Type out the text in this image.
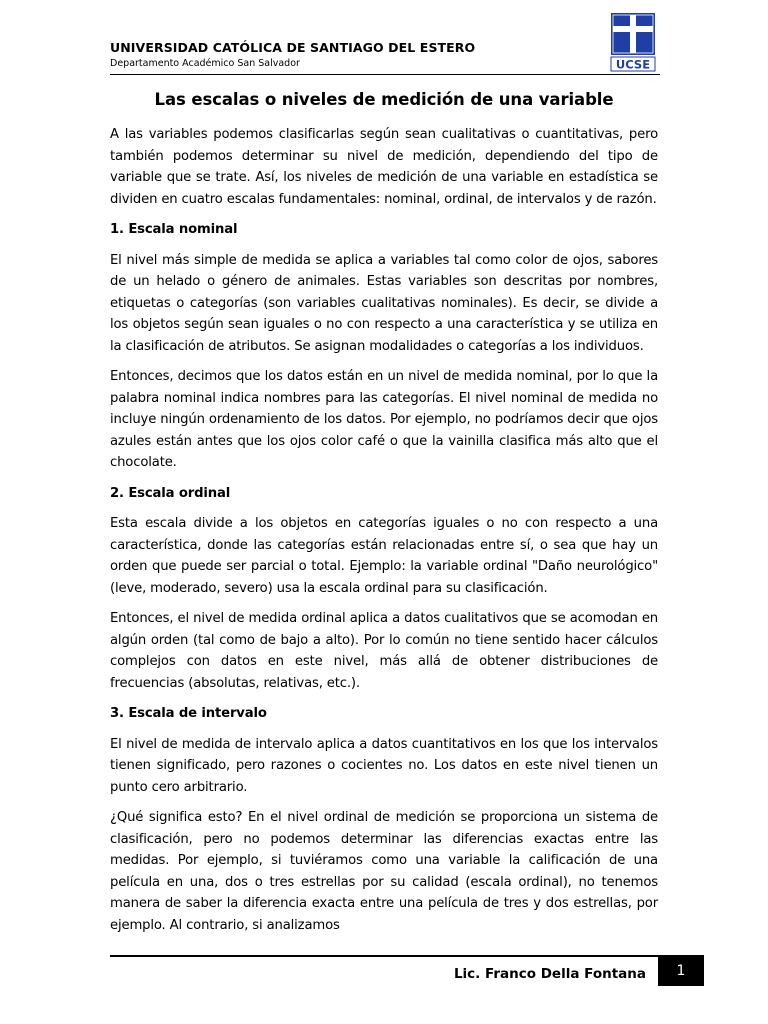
UNIVERSIDAD CATÓLICA DE SANTIAGO DEL ESTERO
Departamento Académico San Salvador	UCSE
Las escalas o niveles de medición de una variable

A las variables podemos clasificarlas según sean cualitativas o cuantitativas, pero también podemos determinar su nivel de medición, dependiendo del tipo de variable que se trate. Así, los niveles de medición de una variable en estadística se dividen en cuatro escalas fundamentales: nominal, ordinal, de intervalos y de razón.

1. Escala nominal

El nivel más simple de medida se aplica a variables tal como color de ojos, sabores de un helado o género de animales. Estas variables son descritas por nombres, etiquetas o categorías (son variables cualitativas nominales). Es decir, se divide a los objetos según sean iguales o no con respecto a una característica y se utiliza en la clasificación de atributos. Se asignan modalidades o categorías a los individuos.

Entonces, decimos que los datos están en un nivel de medida nominal, por lo que la palabra nominal indica nombres para las categorías. El nivel nominal de medida no incluye ningún ordenamiento de los datos. Por ejemplo, no podríamos decir que ojos azules están antes que los ojos color café o que la vainilla clasifica más alto que el chocolate.

2. Escala ordinal

Esta escala divide a los objetos en categorías iguales o no con respecto a una característica, donde las categorías están relacionadas entre sí, o sea que hay un orden que puede ser parcial o total. Ejemplo: la variable ordinal "Daño neurológico" (leve, moderado, severo) usa la escala ordinal para su clasificación.

Entonces, el nivel de medida ordinal aplica a datos cualitativos que se acomodan en algún orden (tal como de bajo a alto). Por lo común no tiene sentido hacer cálculos complejos con datos en este nivel, más allá de obtener distribuciones de frecuencias (absolutas, relativas, etc.).

3. Escala de intervalo

El nivel de medida de intervalo aplica a datos cuantitativos en los que los intervalos tienen significado, pero razones o cocientes no. Los datos en este nivel tienen un punto cero arbitrario.

¿Qué significa esto? En el nivel ordinal de medición se proporciona un sistema de clasificación, pero no podemos determinar las diferencias exactas entre las medidas. Por ejemplo, si tuviéramos como una variable la calificación de una película en una, dos o tres estrellas por su calidad (escala ordinal), no tenemos manera de saber la diferencia exacta entre una película de tres y dos estrellas, por ejemplo. Al contrario, si analizamos

Lic. Franco Della Fontana	1
